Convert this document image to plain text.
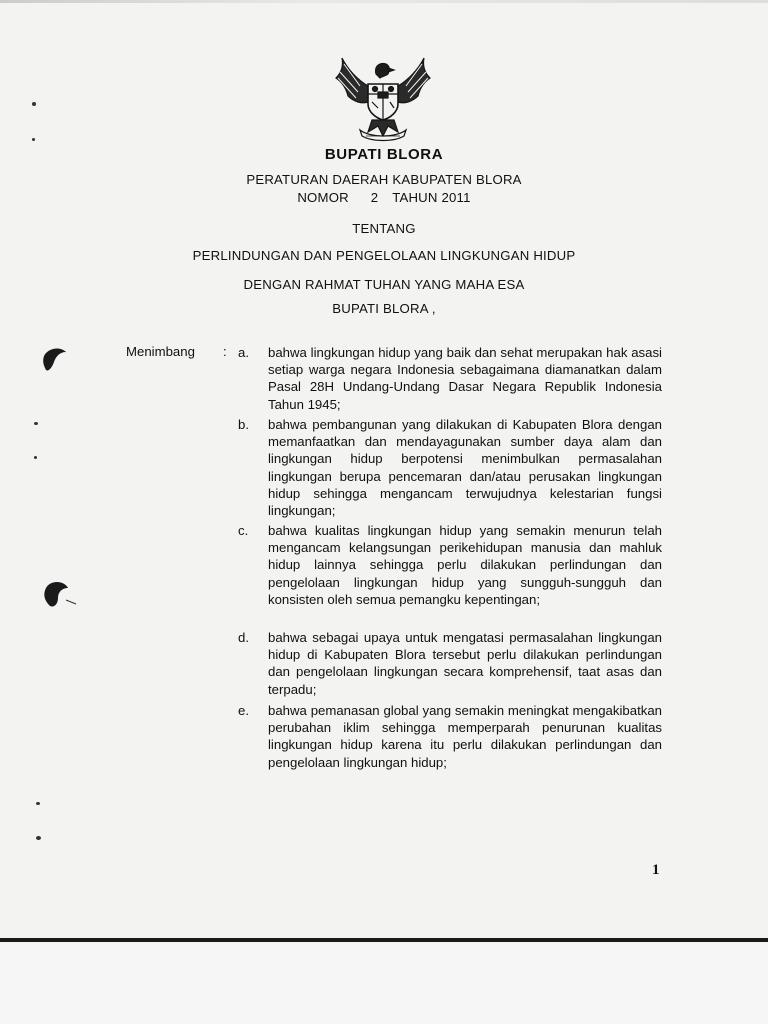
BUPATI BLORA
PERATURAN DAERAH KABUPATEN BLORA
NOMOR 2 TAHUN 2011
TENTANG
PERLINDUNGAN DAN PENGELOLAAN LINGKUNGAN HIDUP
DENGAN RAHMAT TUHAN YANG MAHA ESA
BUPATI BLORA ,
Menimbang : a.	bahwa lingkungan hidup yang baik dan sehat merupakan hak asasi setiap warga negara Indonesia sebagaimana diamanatkan dalam Pasal 28H Undang-Undang Dasar Negara Republik Indonesia Tahun 1945;
b.	bahwa pembangunan yang dilakukan di Kabupaten Blora dengan memanfaatkan dan mendayagunakan sumber daya alam dan lingkungan hidup berpotensi menimbulkan permasalahan lingkungan berupa pencemaran dan/atau perusakan lingkungan hidup sehingga mengancam terwujudnya kelestarian fungsi lingkungan;
c.	bahwa kualitas lingkungan hidup yang semakin menurun telah mengancam kelangsungan perikehidupan manusia dan mahluk hidup lainnya sehingga perlu dilakukan perlindungan dan pengelolaan lingkungan hidup yang sungguh-sungguh dan konsisten oleh semua pemangku kepentingan;
d.	bahwa sebagai upaya untuk mengatasi permasalahan lingkungan hidup di Kabupaten Blora tersebut perlu dilakukan perlindungan dan pengelolaan lingkungan secara komprehensif, taat asas dan terpadu;
e.	bahwa pemanasan global yang semakin meningkat mengakibatkan perubahan iklim sehingga memperparah penurunan kualitas lingkungan hidup karena itu perlu dilakukan perlindungan dan pengelolaan lingkungan hidup;
1
